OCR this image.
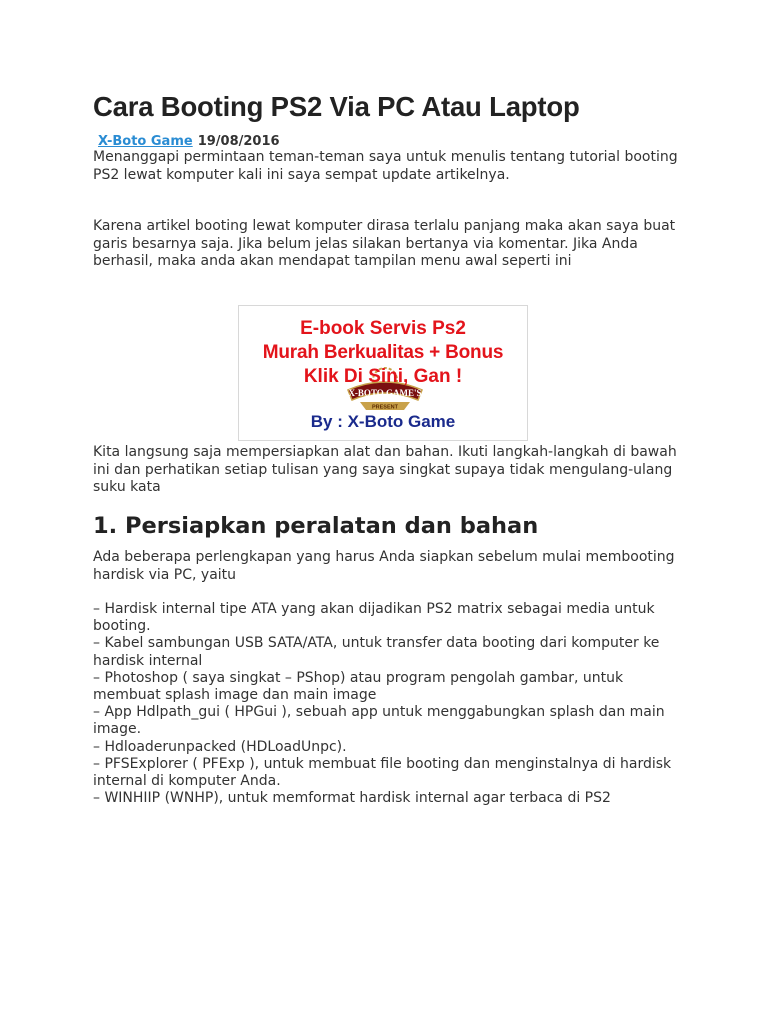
Cara Booting PS2 Via PC Atau Laptop
X-Boto Game 19/08/2016

Menanggapi permintaan teman-teman saya untuk menulis tentang tutorial booting PS2 lewat komputer kali ini saya sempat update artikelnya.

Karena artikel booting lewat komputer dirasa terlalu panjang maka akan saya buat garis besarnya saja. Jika belum jelas silakan bertanya via komentar. Jika Anda berhasil, maka anda akan mendapat tampilan menu awal seperti ini

E-book Servis Ps2
Murah Berkualitas + Bonus
X-BOTO GAME'S
PRESENT
Klik Di Sini, Gan !
By : X-Boto Game

Kita langsung saja mempersiapkan alat dan bahan. Ikuti langkah-langkah di bawah ini dan perhatikan setiap tulisan yang saya singkat supaya tidak mengulang-ulang suku kata

1. Persiapkan peralatan dan bahan

Ada beberapa perlengkapan yang harus Anda siapkan sebelum mulai membooting hardisk via PC, yaitu

– Hardisk internal tipe ATA yang akan dijadikan PS2 matrix sebagai media untuk booting.
– Kabel sambungan USB SATA/ATA, untuk transfer data booting dari komputer ke hardisk internal
– Photoshop ( saya singkat – PShop) atau program pengolah gambar, untuk membuat splash image dan main image
– App Hdlpath_gui ( HPGui ), sebuah app untuk menggabungkan splash dan main image.
– Hdloaderunpacked (HDLoadUnpc).
– PFSExplorer ( PFExp ), untuk membuat file booting dan menginstalnya di hardisk internal di komputer Anda.
– WINHIIP (WNHP), untuk memformat hardisk internal agar terbaca di PS2
